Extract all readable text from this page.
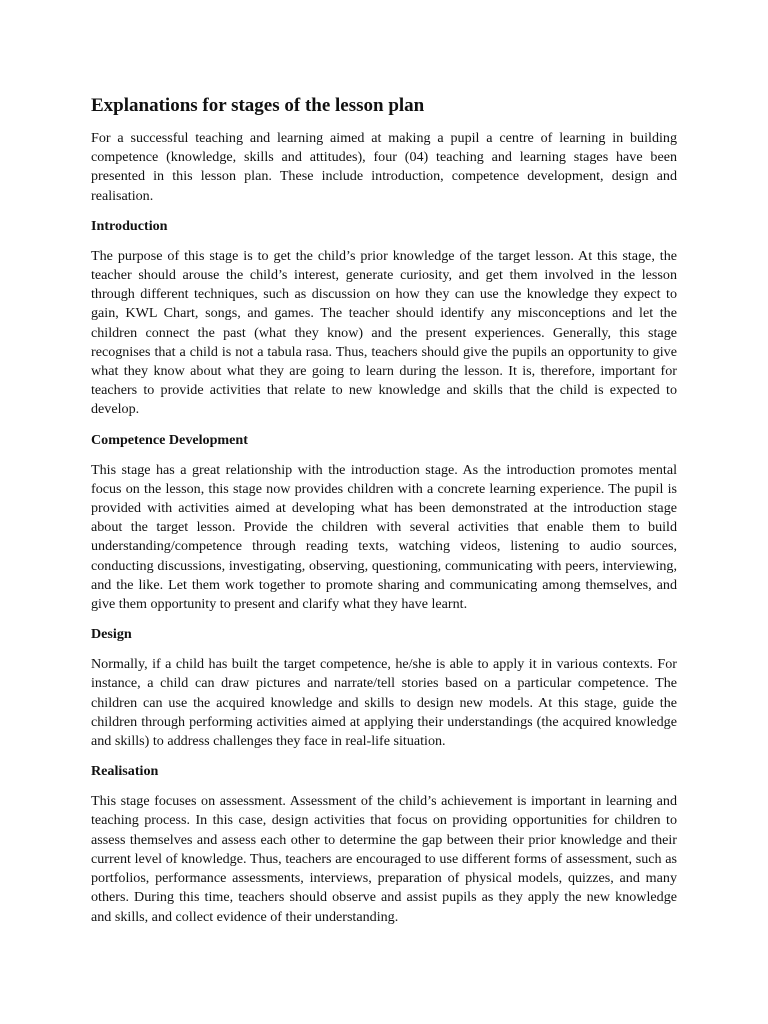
Explanations for stages of the lesson plan

For a successful teaching and learning aimed at making a pupil a centre of learning in building competence (knowledge, skills and attitudes), four (04) teaching and learning stages have been presented in this lesson plan. These include introduction, competence development, design and realisation.

Introduction

The purpose of this stage is to get the child’s prior knowledge of the target lesson. At this stage, the teacher should arouse the child’s interest, generate curiosity, and get them involved in the lesson through different techniques, such as discussion on how they can use the knowledge they expect to gain, KWL Chart, songs, and games. The teacher should identify any misconceptions and let the children connect the past (what they know) and the present experiences. Generally, this stage recognises that a child is not a tabula rasa. Thus, teachers should give the pupils an opportunity to give what they know about what they are going to learn during the lesson. It is, therefore, important for teachers to provide activities that relate to new knowledge and skills that the child is expected to develop.

Competence Development

This stage has a great relationship with the introduction stage. As the introduction promotes mental focus on the lesson, this stage now provides children with a concrete learning experience. The pupil is provided with activities aimed at developing what has been demonstrated at the introduction stage about the target lesson. Provide the children with several activities that enable them to build understanding/competence through reading texts, watching videos, listening to audio sources, conducting discussions, investigating, observing, questioning, communicating with peers, interviewing, and the like. Let them work together to promote sharing and communicating among themselves, and give them opportunity to present and clarify what they have learnt.

Design

Normally, if a child has built the target competence, he/she is able to apply it in various contexts. For instance, a child can draw pictures and narrate/tell stories based on a particular competence. The children can use the acquired knowledge and skills to design new models. At this stage, guide the children through performing activities aimed at applying their understandings (the acquired knowledge and skills) to address challenges they face in real-life situation.

Realisation

This stage focuses on assessment. Assessment of the child’s achievement is important in learning and teaching process. In this case, design activities that focus on providing opportunities for children to assess themselves and assess each other to determine the gap between their prior knowledge and their current level of knowledge. Thus, teachers are encouraged to use different forms of assessment, such as portfolios, performance assessments, interviews, preparation of physical models, quizzes, and many others. During this time, teachers should observe and assist pupils as they apply the new knowledge and skills, and collect evidence of their understanding.
